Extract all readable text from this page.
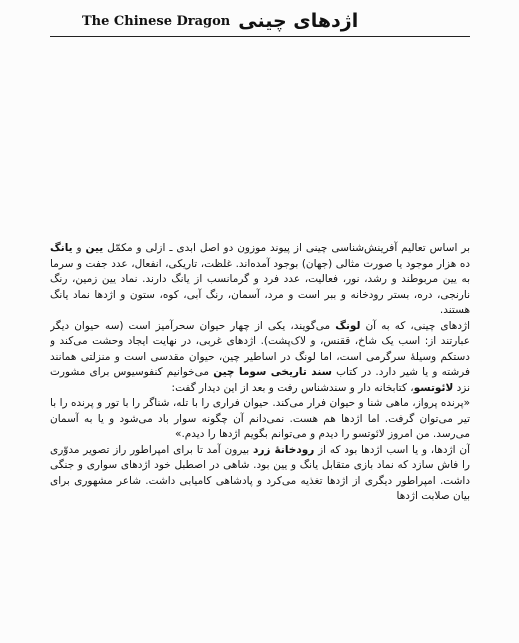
The Chinese Dragon اژدهای چینی

بر اساس تعالیم آفرینش‌شناسی چینی از پیوند موزون دو اصل ابدی ـ ازلی و مکمّل یین و یانگ ده هزار موجود یا صورت مثالی (جهان) بوجود آمده‌اند. غلظت، تاریکی، انفعال، عدد جفت و سرما به یین مربوطند و رشد، نور، فعالیت، عدد فرد و گرمانسب از یانگ دارند. نماد یین زمین، رنگ نارنجی، دره، بستر رودخانه و ببر است و مرد، آسمان، رنگ آبی، کوه، ستون و اژدها نماد یانگ هستند.

اژدهای چینی، که به آن لونگ می‌گویند، یکی از چهار حیوان سحرآمیز است (سه حیوان دیگر عبارتند از: اسب یک شاخ، ققنس، و لاک‌پشت). اژدهای غربی، در نهایت ایجاد وحشت می‌کند و دستکم وسیلهٔ سرگرمی است، اما لونگ در اساطیر چین، حیوان مقدسی است و منزلتی همانند فرشته و یا شیر دارد. در کتاب سند تاریخی سوما چین می‌خوانیم کنفوسیوس برای مشورت نزد لائوتسو، کتابخانه دار و سندشناس رفت و بعد از این دیدار گفت:

«پرنده پرواز، ماهی شنا و حیوان فرار می‌کند. حیوان فراری را با تله، شناگر را با تور و پرنده را با تیر می‌توان گرفت. اما اژدها هم هست. نمی‌دانم آن چگونه سوار باد می‌شود و یا به آسمان می‌رسد. من امروز لائوتسو را دیدم و می‌توانم بگویم اژدها را دیدم.»

آن اژدها، و یا اسب اژدها بود که از رودخانهٔ زرد بیرون آمد تا برای امپراطور راز تصویر مدوّری را فاش سازد که نماد بازی متقابل یانگ و یین بود. شاهی در اصطبل خود اژدهای سواری و جنگی داشت. امپراطور دیگری از اژدها تغذیه می‌کرد و پادشاهی کامیابی داشت. شاعر مشهوری برای بیان صلابت اژدها
